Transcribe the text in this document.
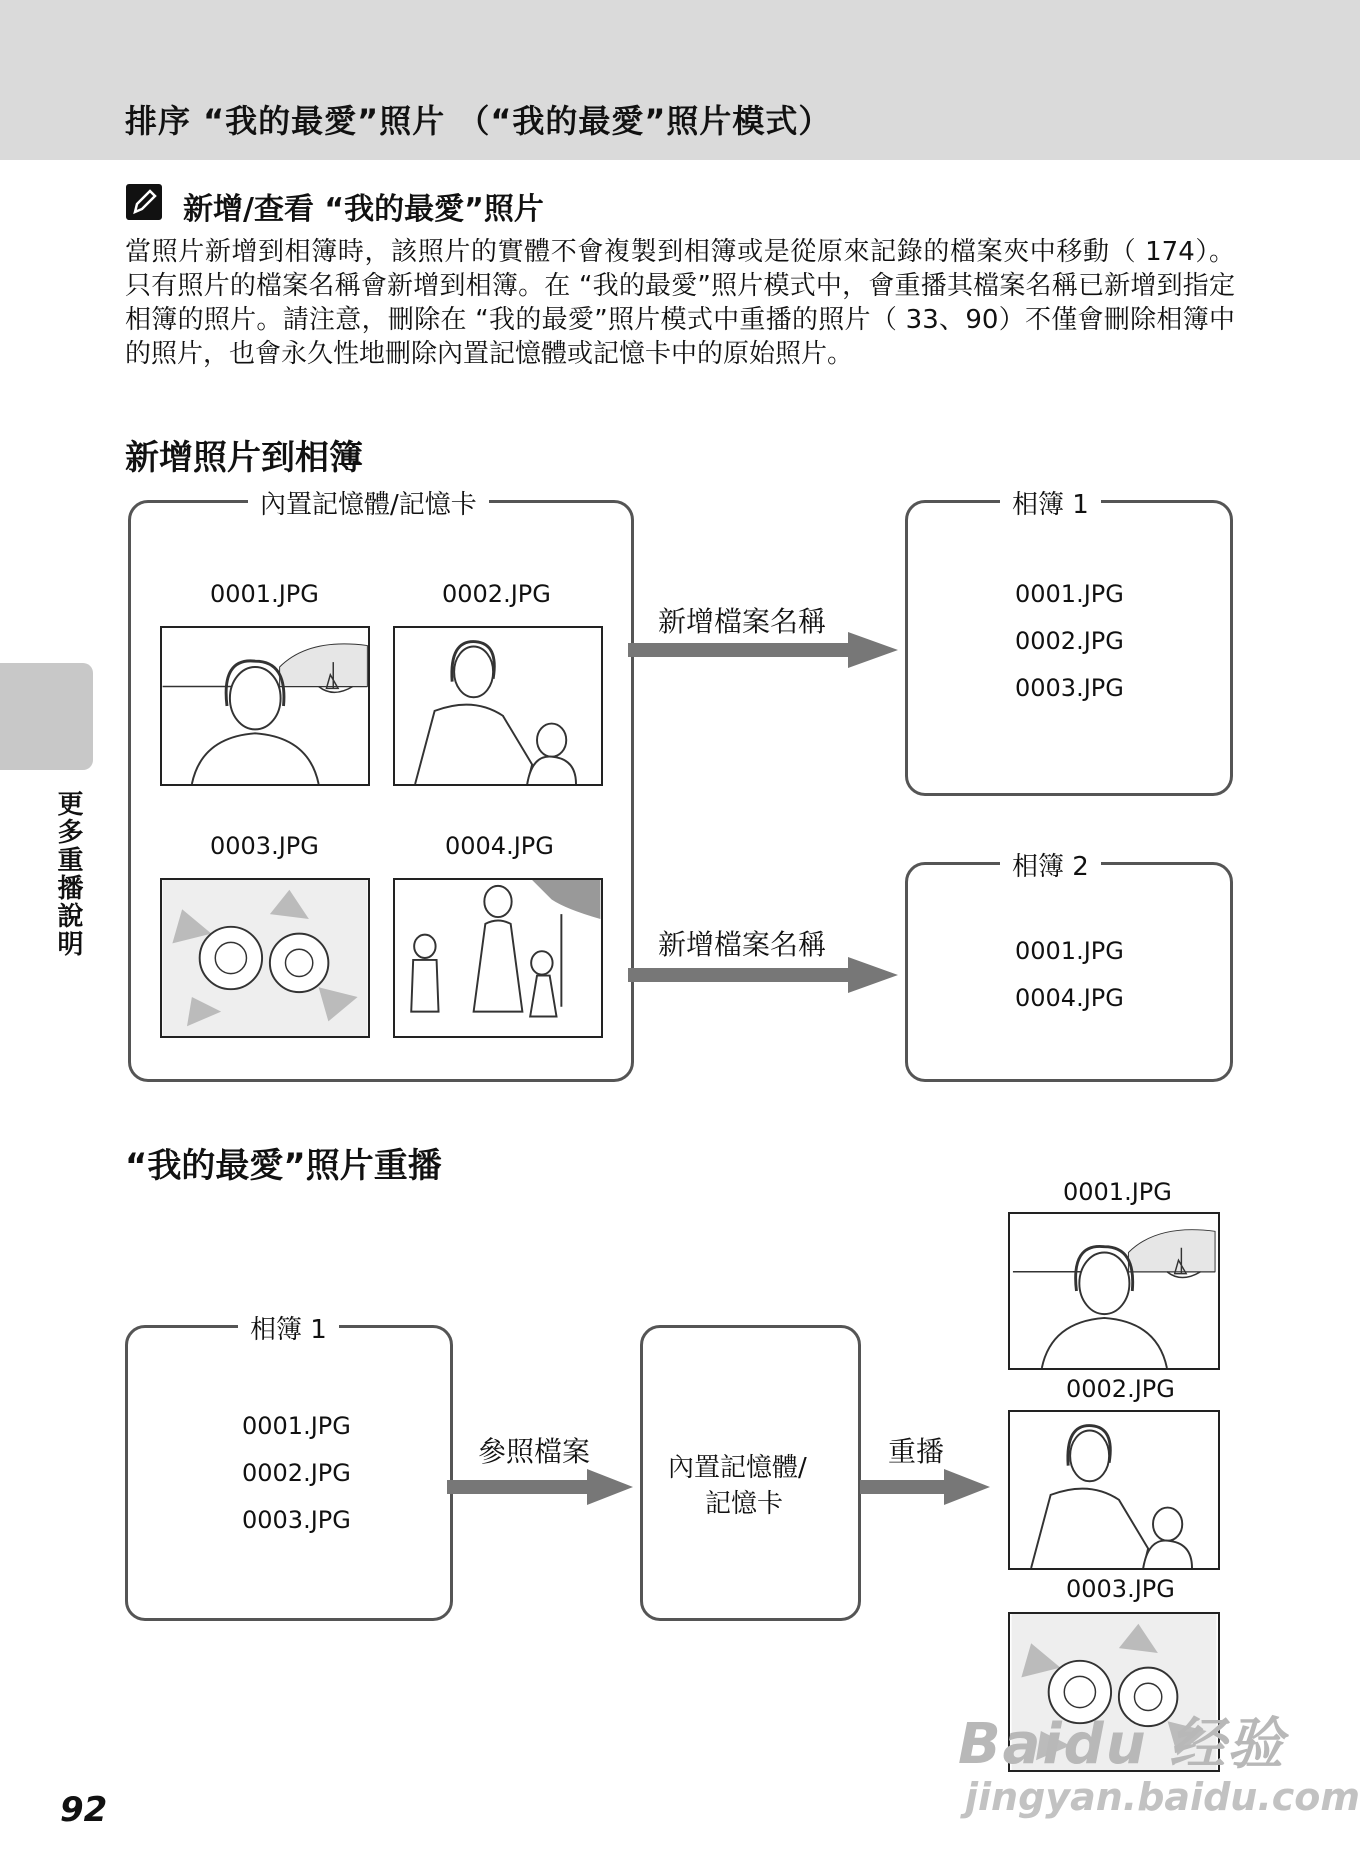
排序 “我的最愛”照片 （“我的最愛”照片模式）
更多重播說明
新增/查看 “我的最愛”照片
當照片新增到相簿時，該照片的實體不會複製到相簿或是從原來記錄的檔案夾中移動（ 174）。只有照片的檔案名稱會新增到相簿。在 “我的最愛”照片模式中，會重播其檔案名稱已新增到指定相簿的照片。請注意，刪除在 “我的最愛”照片模式中重播的照片（ 33、90）不僅會刪除相簿中的照片，也會永久性地刪除內置記憶體或記憶卡中的原始照片。
新增照片到相簿
內置記憶體/記憶卡
0001.JPG	0002.JPG
0003.JPG	0004.JPG
新增檔案名稱
新增檔案名稱
相簿 1
0001.JPG
0002.JPG
0003.JPG
相簿 2
0001.JPG
0004.JPG
“我的最愛”照片重播
相簿 1
0001.JPG
0002.JPG
0003.JPG
參照檔案	內置記憶體/
記憶卡
重播
0001.JPG
0002.JPG
0003.JPG
Baidu 经验
jingyan.baidu.com
92
